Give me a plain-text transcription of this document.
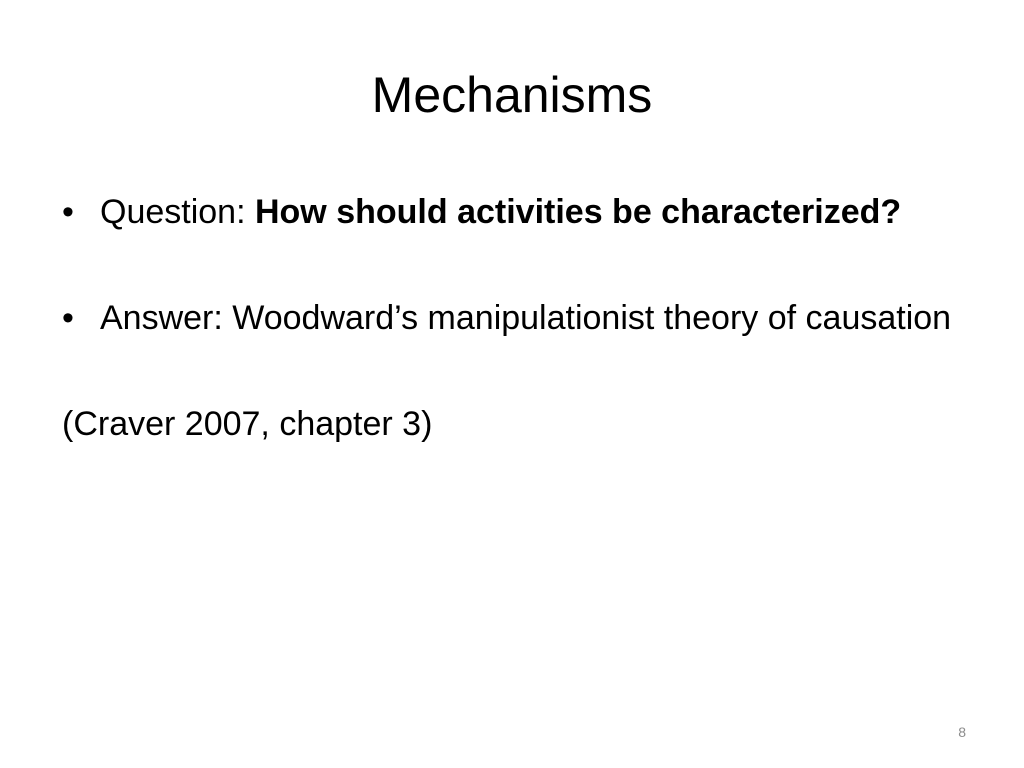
Mechanisms

• Question: How should activities be characterized?

• Answer: Woodward’s manipulationist theory of causation

(Craver 2007, chapter 3)

8
